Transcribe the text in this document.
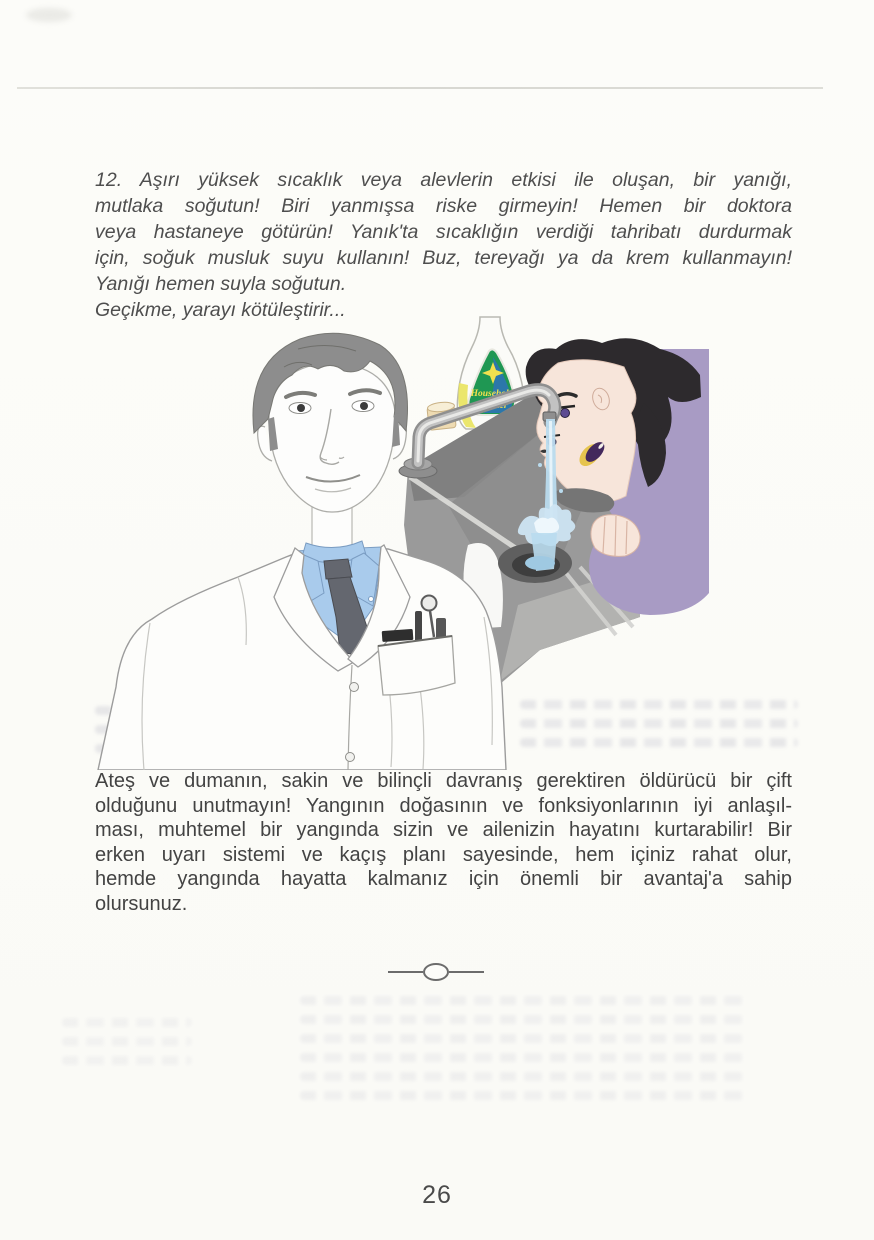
12. Aşırı yüksek sıcaklık veya alevlerin etkisi ile oluşan, bir yanığı,
mutlaka soğutun! Biri yanmışsa riske girmeyin! Hemen bir doktora
veya hastaneye götürün! Yanık'ta sıcaklığın verdiği tahribatı durdurmak
için, soğuk musluk suyu kullanın! Buz, tereyağı ya da krem kullanmayın!
Yanığı hemen suyla soğutun.
Geçikme, yarayı kötüleştirir...
Household
Cleaner
Ateş ve dumanın, sakin ve bilinçli davranış gerektiren öldürücü bir çift
olduğunu unutmayın! Yangının doğasının ve fonksiyonlarının iyi anlaşıl-
ması, muhtemel bir yangında sizin ve ailenizin hayatını kurtarabilir! Bir
erken uyarı sistemi ve kaçış planı sayesinde, hem içiniz rahat olur,
hemde yangında hayatta kalmanız için önemli bir avantaj'a sahip
olursunuz.
26
